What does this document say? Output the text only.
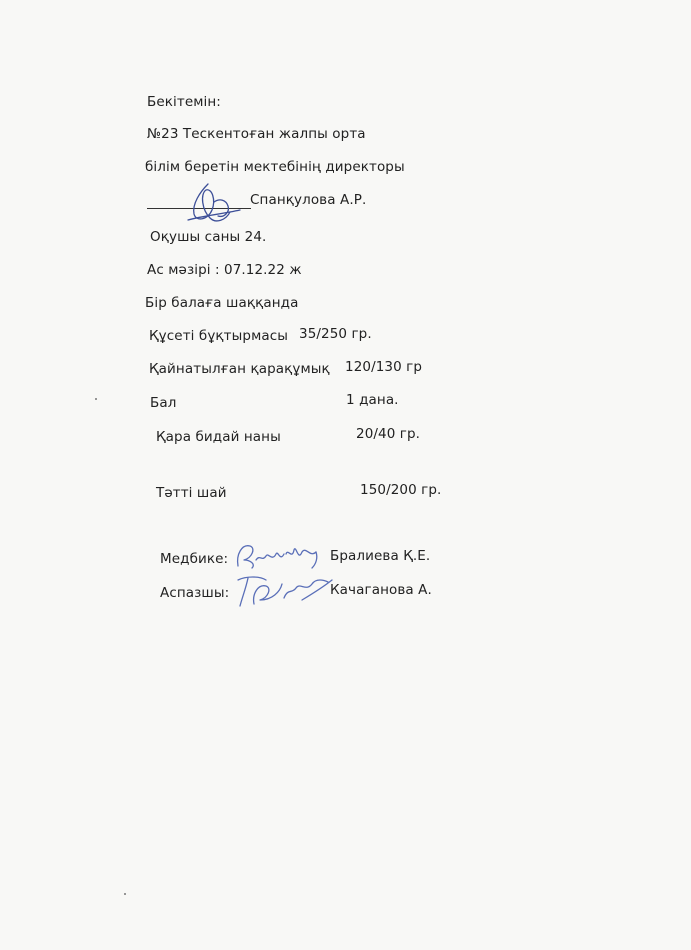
Бекітемін:
№23 Тескентоған жалпы орта
білім беретін мектебінің директоры
Спанқулова А.Р.
Оқушы саны 24.
Ас мәзірі : 07.12.22 ж
Бір балаға шаққанда
Құсеті бұқтырмасы 35/250 гр.
Қайнатылған қарақұмық 120/130 гр
Бал	1 дана.
Қара бидай наны	20/40 гр.
Тәтті шай	150/200 гр.
Медбике:	Бралиева Қ.Е.
Аспазшы:	Качаганова А.
